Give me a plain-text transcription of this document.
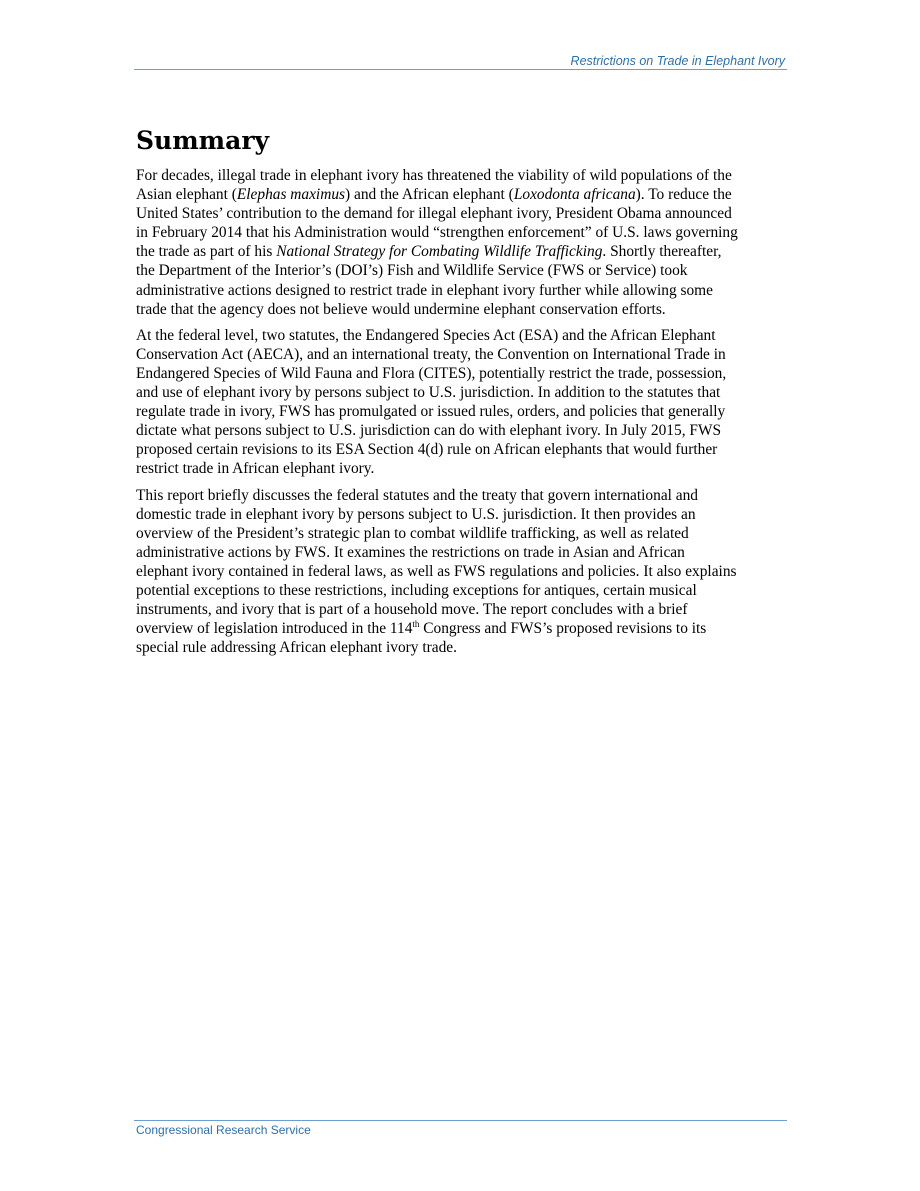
Restrictions on Trade in Elephant Ivory
Summary
For decades, illegal trade in elephant ivory has threatened the viability of wild populations of the
Asian elephant (Elephas maximus) and the African elephant (Loxodonta africana). To reduce the
United States’ contribution to the demand for illegal elephant ivory, President Obama announced
in February 2014 that his Administration would “strengthen enforcement” of U.S. laws governing
the trade as part of his National Strategy for Combating Wildlife Trafficking. Shortly thereafter,
the Department of the Interior’s (DOI’s) Fish and Wildlife Service (FWS or Service) took
administrative actions designed to restrict trade in elephant ivory further while allowing some
trade that the agency does not believe would undermine elephant conservation efforts.
At the federal level, two statutes, the Endangered Species Act (ESA) and the African Elephant
Conservation Act (AECA), and an international treaty, the Convention on International Trade in
Endangered Species of Wild Fauna and Flora (CITES), potentially restrict the trade, possession,
and use of elephant ivory by persons subject to U.S. jurisdiction. In addition to the statutes that
regulate trade in ivory, FWS has promulgated or issued rules, orders, and policies that generally
dictate what persons subject to U.S. jurisdiction can do with elephant ivory. In July 2015, FWS
proposed certain revisions to its ESA Section 4(d) rule on African elephants that would further
restrict trade in African elephant ivory.
This report briefly discusses the federal statutes and the treaty that govern international and
domestic trade in elephant ivory by persons subject to U.S. jurisdiction. It then provides an
overview of the President’s strategic plan to combat wildlife trafficking, as well as related
administrative actions by FWS. It examines the restrictions on trade in Asian and African
elephant ivory contained in federal laws, as well as FWS regulations and policies. It also explains
potential exceptions to these restrictions, including exceptions for antiques, certain musical
instruments, and ivory that is part of a household move. The report concludes with a brief
overview of legislation introduced in the 114th Congress and FWS’s proposed revisions to its
special rule addressing African elephant ivory trade.
Congressional Research Service
